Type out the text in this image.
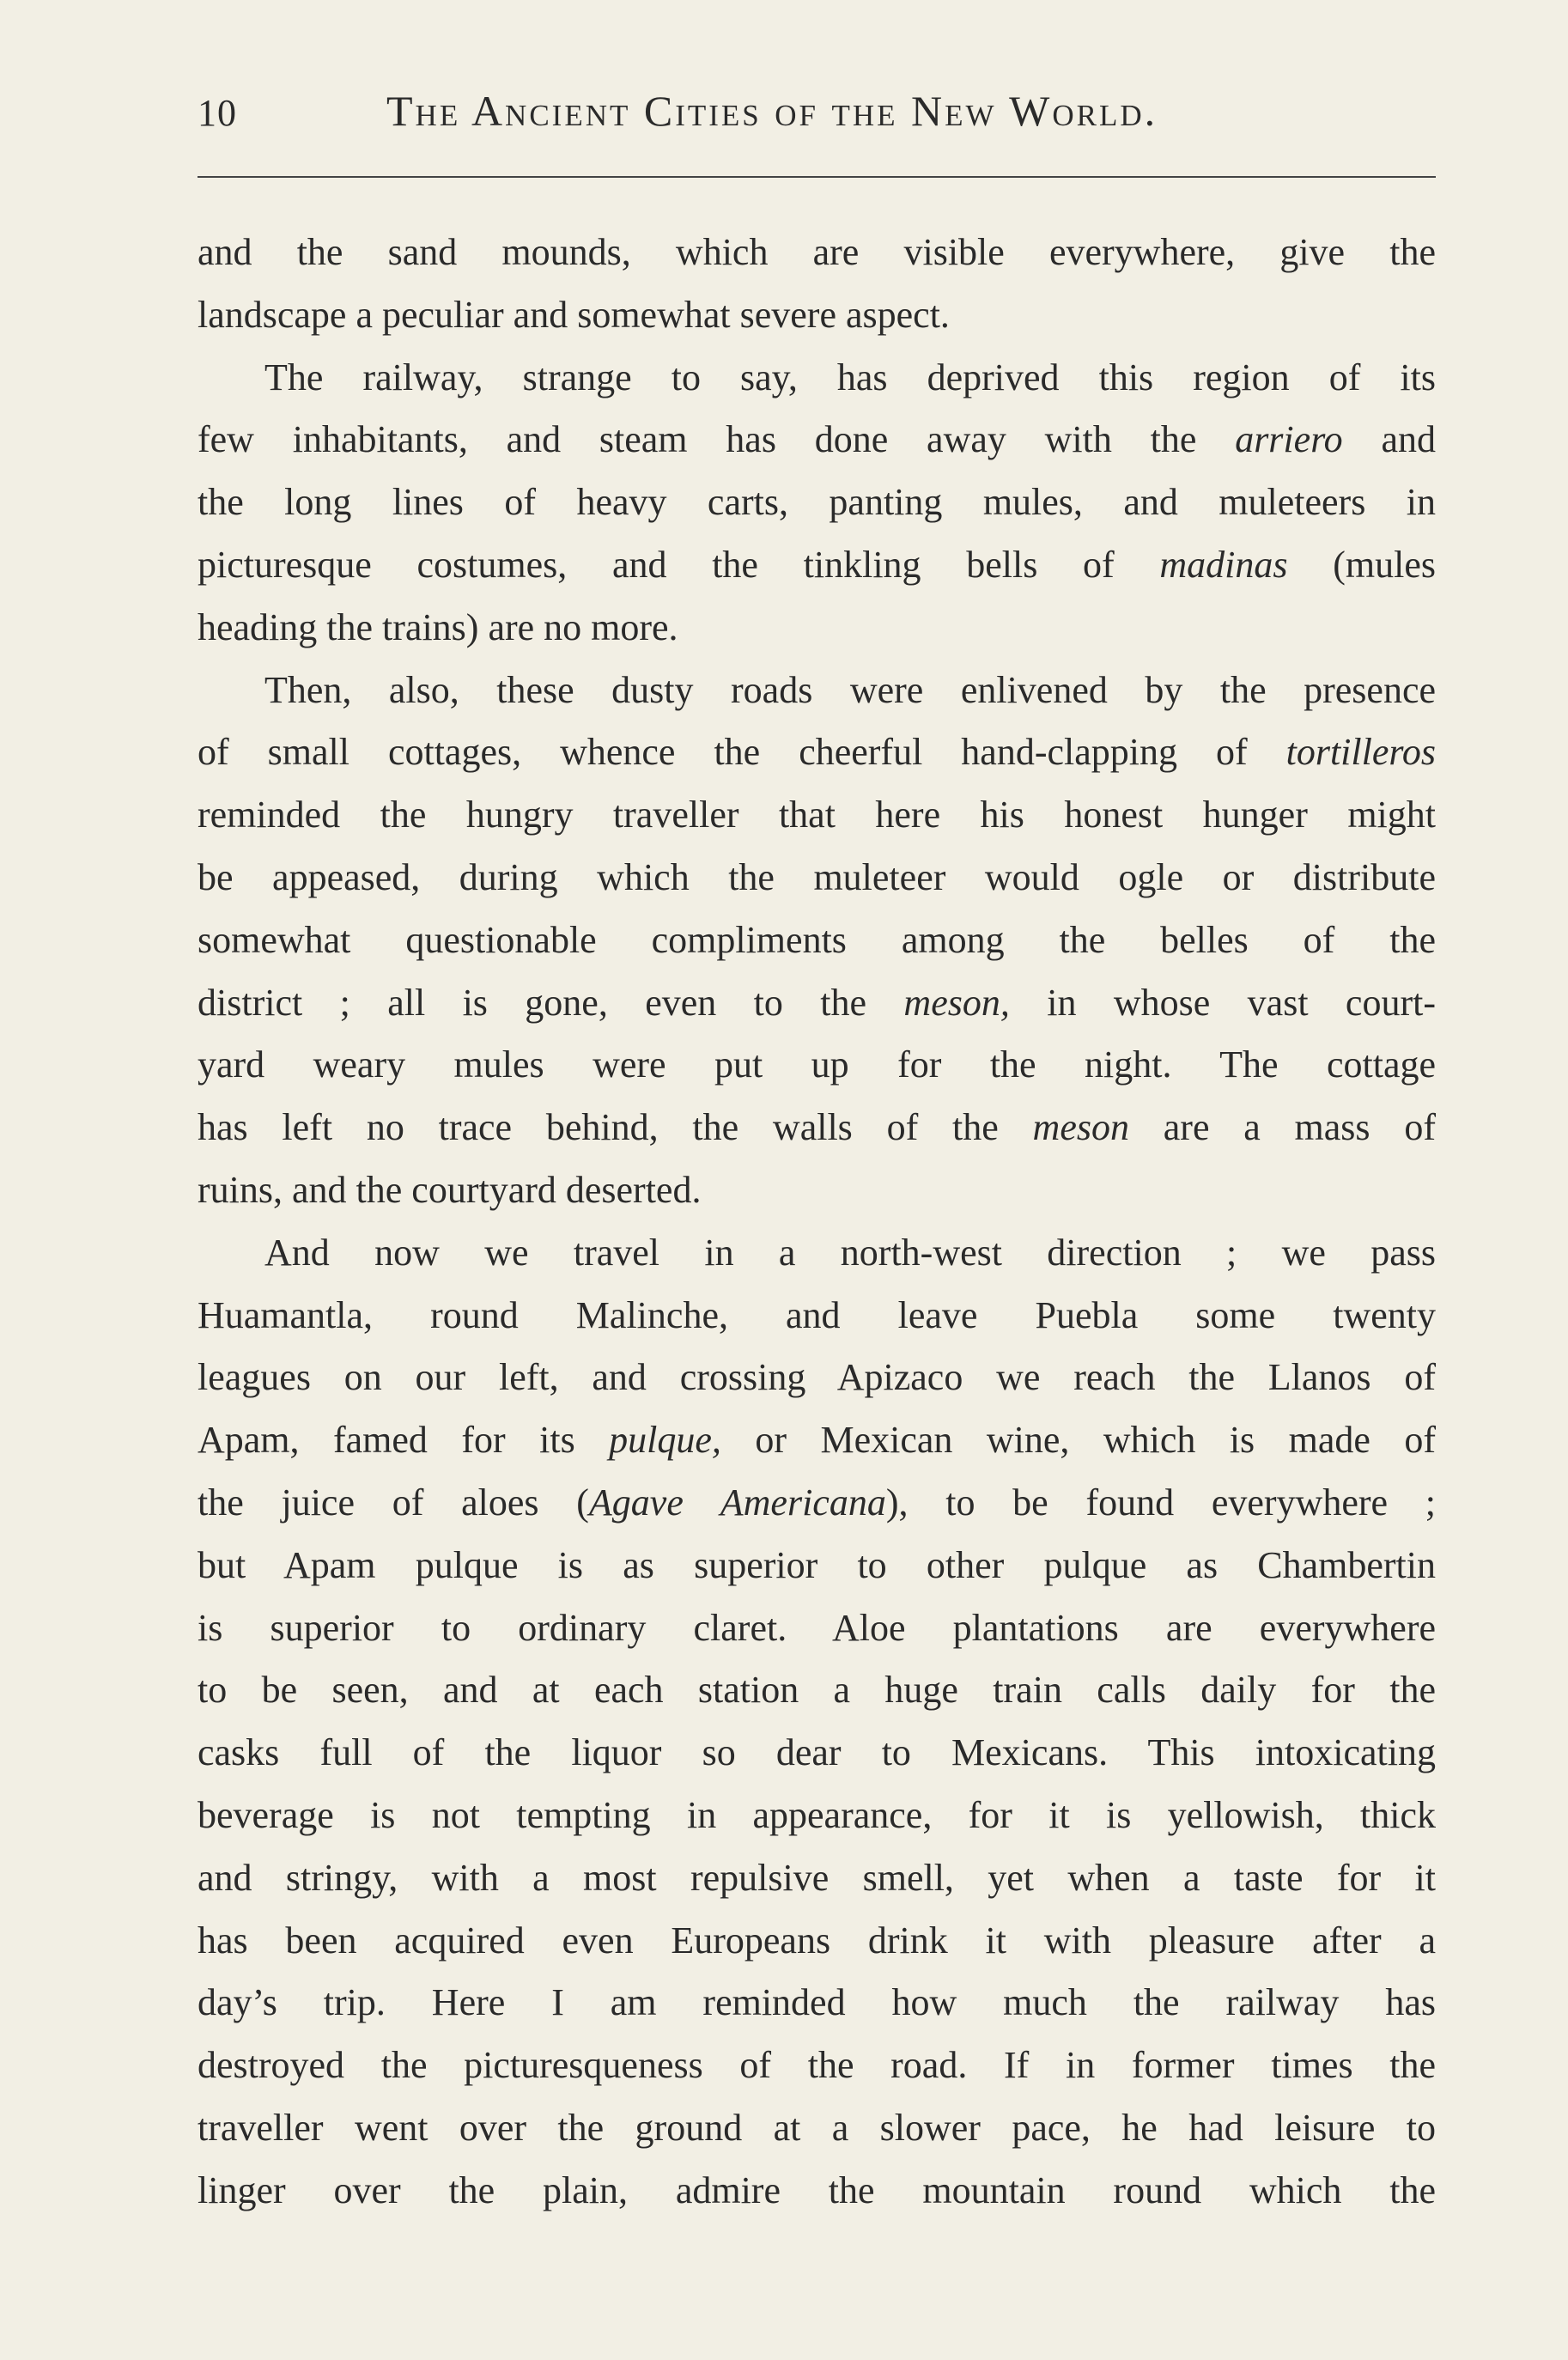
10	The Ancient Cities of the New World.
and the sand mounds, which are visible everywhere, give the
landscape a peculiar and somewhat severe aspect.
The railway, strange to say, has deprived this region of its
few inhabitants, and steam has done away with the arriero and
the long lines of heavy carts, panting mules, and muleteers in
picturesque costumes, and the tinkling bells of madinas (mules
heading the trains) are no more.
Then, also, these dusty roads were enlivened by the presence
of small cottages, whence the cheerful hand-clapping of tortilleros
reminded the hungry traveller that here his honest hunger might
be appeased, during which the muleteer would ogle or distribute
somewhat questionable compliments among the belles of the
district ; all is gone, even to the meson, in whose vast court-
yard weary mules were put up for the night. The cottage
has left no trace behind, the walls of the meson are a mass of
ruins, and the courtyard deserted.
And now we travel in a north-west direction ; we pass
Huamantla, round Malinche, and leave Puebla some twenty
leagues on our left, and crossing Apizaco we reach the Llanos of
Apam, famed for its pulque, or Mexican wine, which is made of
the juice of aloes (Agave Americana), to be found everywhere ;
but Apam pulque is as superior to other pulque as Chambertin
is superior to ordinary claret. Aloe plantations are everywhere
to be seen, and at each station a huge train calls daily for the
casks full of the liquor so dear to Mexicans. This intoxicating
beverage is not tempting in appearance, for it is yellowish, thick
and stringy, with a most repulsive smell, yet when a taste for it
has been acquired even Europeans drink it with pleasure after a
day’s trip. Here I am reminded how much the railway has
destroyed the picturesqueness of the road. If in former times the
traveller went over the ground at a slower pace, he had leisure to
linger over the plain, admire the mountain round which the
